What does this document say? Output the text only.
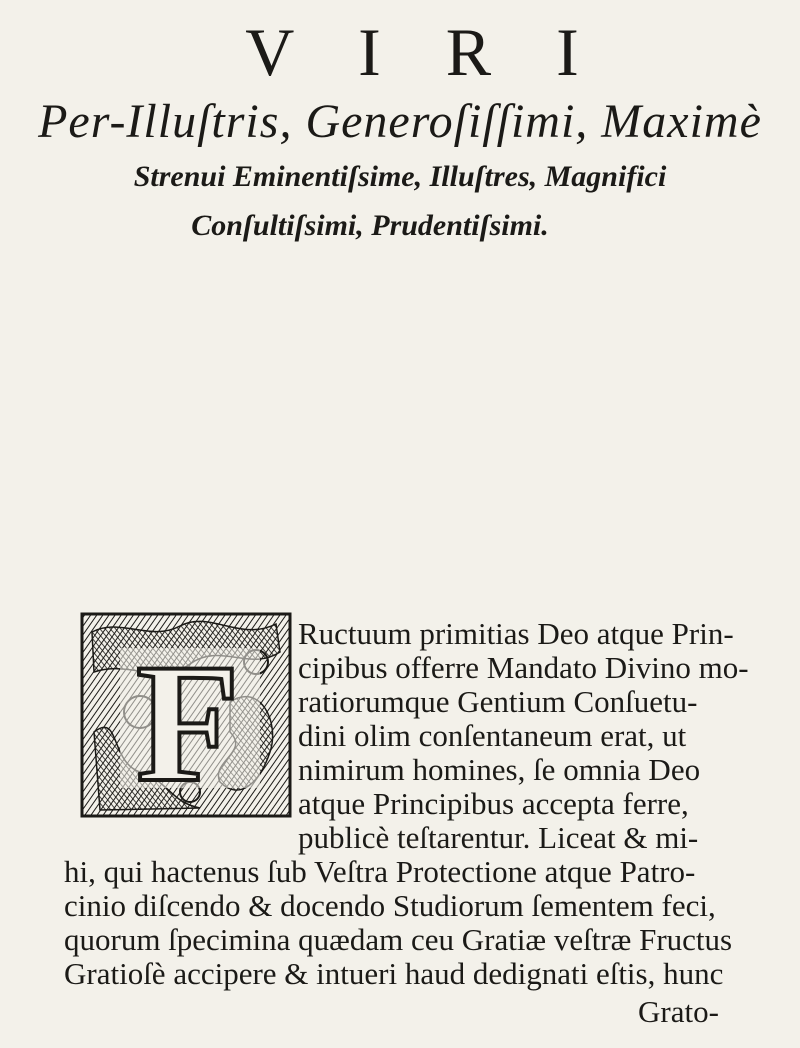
V I R I
Per-Illuſtris, Generoſiſſimi, Maximè
Strenui Eminentiſsime, Illuſtres, Magnifici
Conſultiſsimi, Prudentiſsimi.
F Ructuum primitias Deo atque Prin-

cipibus offerre Mandato Divino mo-

ratiorumque Gentium Conſuetu-

dini olim conſentaneum erat, ut

nimirum homines, ſe omnia Deo

atque Principibus accepta ferre,

publicè teſtarentur. Liceat & mi-

hi, qui hactenus ſub Veſtra Protectione atque Patro-

cinio diſcendo & docendo Studiorum ſementem feci,

quorum ſpecimina quædam ceu Gratiæ veſtræ Fructus

Gratioſè accipere & intueri haud dedignati eſtis, hunc

Grato-
